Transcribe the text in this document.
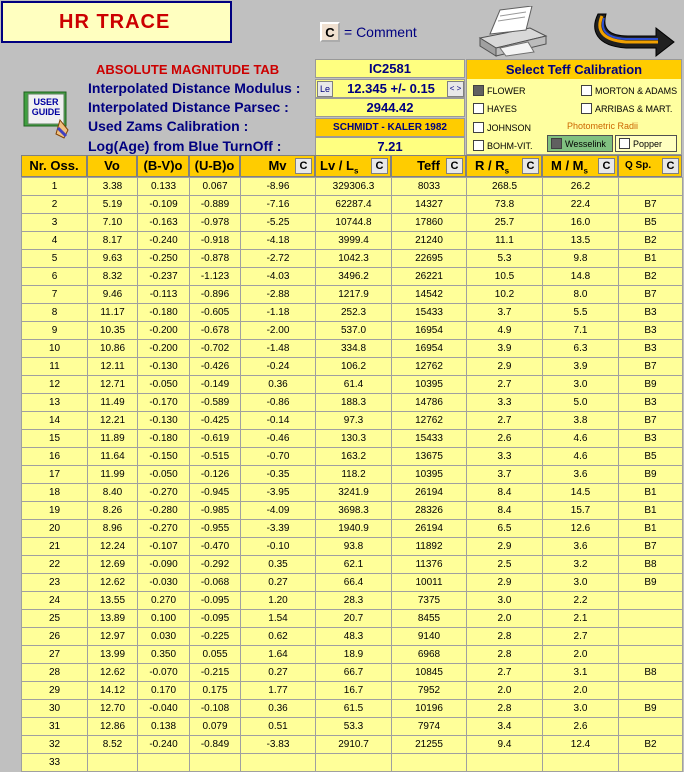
HR TRACE	C = Comment
ABSOLUTE MAGNITUDE TAB
Interpolated Distance Modulus :
Interpolated Distance Parsec :
Used Zams Calibration :
Log(Age) from Blue TurnOff :
USER GUIDE
IC2581
Le	12.345 +/- 0.15	< >
2944.42
SCHMIDT - KALER 1982
7.21
Select Teff Calibration
FLOWER	MORTON & ADAMS
HAYES	ARRIBAS & MART.
JOHNSON
BOHM-VIT.
Photometric Radii
Wesselink	Popper
Nr. Oss.	Vo	(B-V)o (U-B)o	Mv	C Lv / $L_s$	C	Teff C	R / $R_s$	C	M / $M_s$	C	Q Sp.	C
1	3.38	0.133	0.067	-8.96	329306.3	8033	268.5	26.2	
2	5.19	-0.109	-0.889	-7.16	62287.4	14327	73.8	22.4	B7
3	7.10	-0.163	-0.978	-5.25	10744.8	17860	25.7	16.0	B5
4	8.17	-0.240	-0.918	-4.18	3999.4	21240	11.1	13.5	B2
5	9.63	-0.250	-0.878	-2.72	1042.3	22695	5.3	9.8	B1
6	8.32	-0.237	-1.123	-4.03	3496.2	26221	10.5	14.8	B2
7	9.46	-0.113	-0.896	-2.88	1217.9	14542	10.2	8.0	B7
8	11.17	-0.180	-0.605	-1.18	252.3	15433	3.7	5.5	B3
9	10.35	-0.200	-0.678	-2.00	537.0	16954	4.9	7.1	B3
10	10.86	-0.200	-0.702	-1.48	334.8	16954	3.9	6.3	B3
11	12.11	-0.130	-0.426	-0.24	106.2	12762	2.9	3.9	B7
12	12.71	-0.050	-0.149	0.36	61.4	10395	2.7	3.0	B9
13	11.49	-0.170	-0.589	-0.86	188.3	14786	3.3	5.0	B3
14	12.21	-0.130	-0.425	-0.14	97.3	12762	2.7	3.8	B7
15	11.89	-0.180	-0.619	-0.46	130.3	15433	2.6	4.6	B3
16	11.64	-0.150	-0.515	-0.70	163.2	13675	3.3	4.6	B5
17	11.99	-0.050	-0.126	-0.35	118.2	10395	3.7	3.6	B9
18	8.40	-0.270	-0.945	-3.95	3241.9	26194	8.4	14.5	B1
19	8.26	-0.280	-0.985	-4.09	3698.3	28326	8.4	15.7	B1
20	8.96	-0.270	-0.955	-3.39	1940.9	26194	6.5	12.6	B1
21	12.24	-0.107	-0.470	-0.10	93.8	11892	2.9	3.6	B7
22	12.69	-0.090	-0.292	0.35	62.1	11376	2.5	3.2	B8
23	12.62	-0.030	-0.068	0.27	66.4	10011	2.9	3.0	B9
24	13.55	0.270	-0.095	1.20	28.3	7375	3.0	2.2	
25	13.89	0.100	-0.095	1.54	20.7	8455	2.0	2.1	
26	12.97	0.030	-0.225	0.62	48.3	9140	2.8	2.7	
27	13.99	0.350	0.055	1.64	18.9	6968	2.8	2.0	
28	12.62	-0.070	-0.215	0.27	66.7	10845	2.7	3.1	B8
29	14.12	0.170	0.175	1.77	16.7	7952	2.0	2.0	
30	12.70	-0.040	-0.108	0.36	61.5	10196	2.8	3.0	B9
31	12.86	0.138	0.079	0.51	53.3	7974	3.4	2.6	
32	8.52	-0.240	-0.849	-3.83	2910.7	21255	9.4	12.4	B2
33									
